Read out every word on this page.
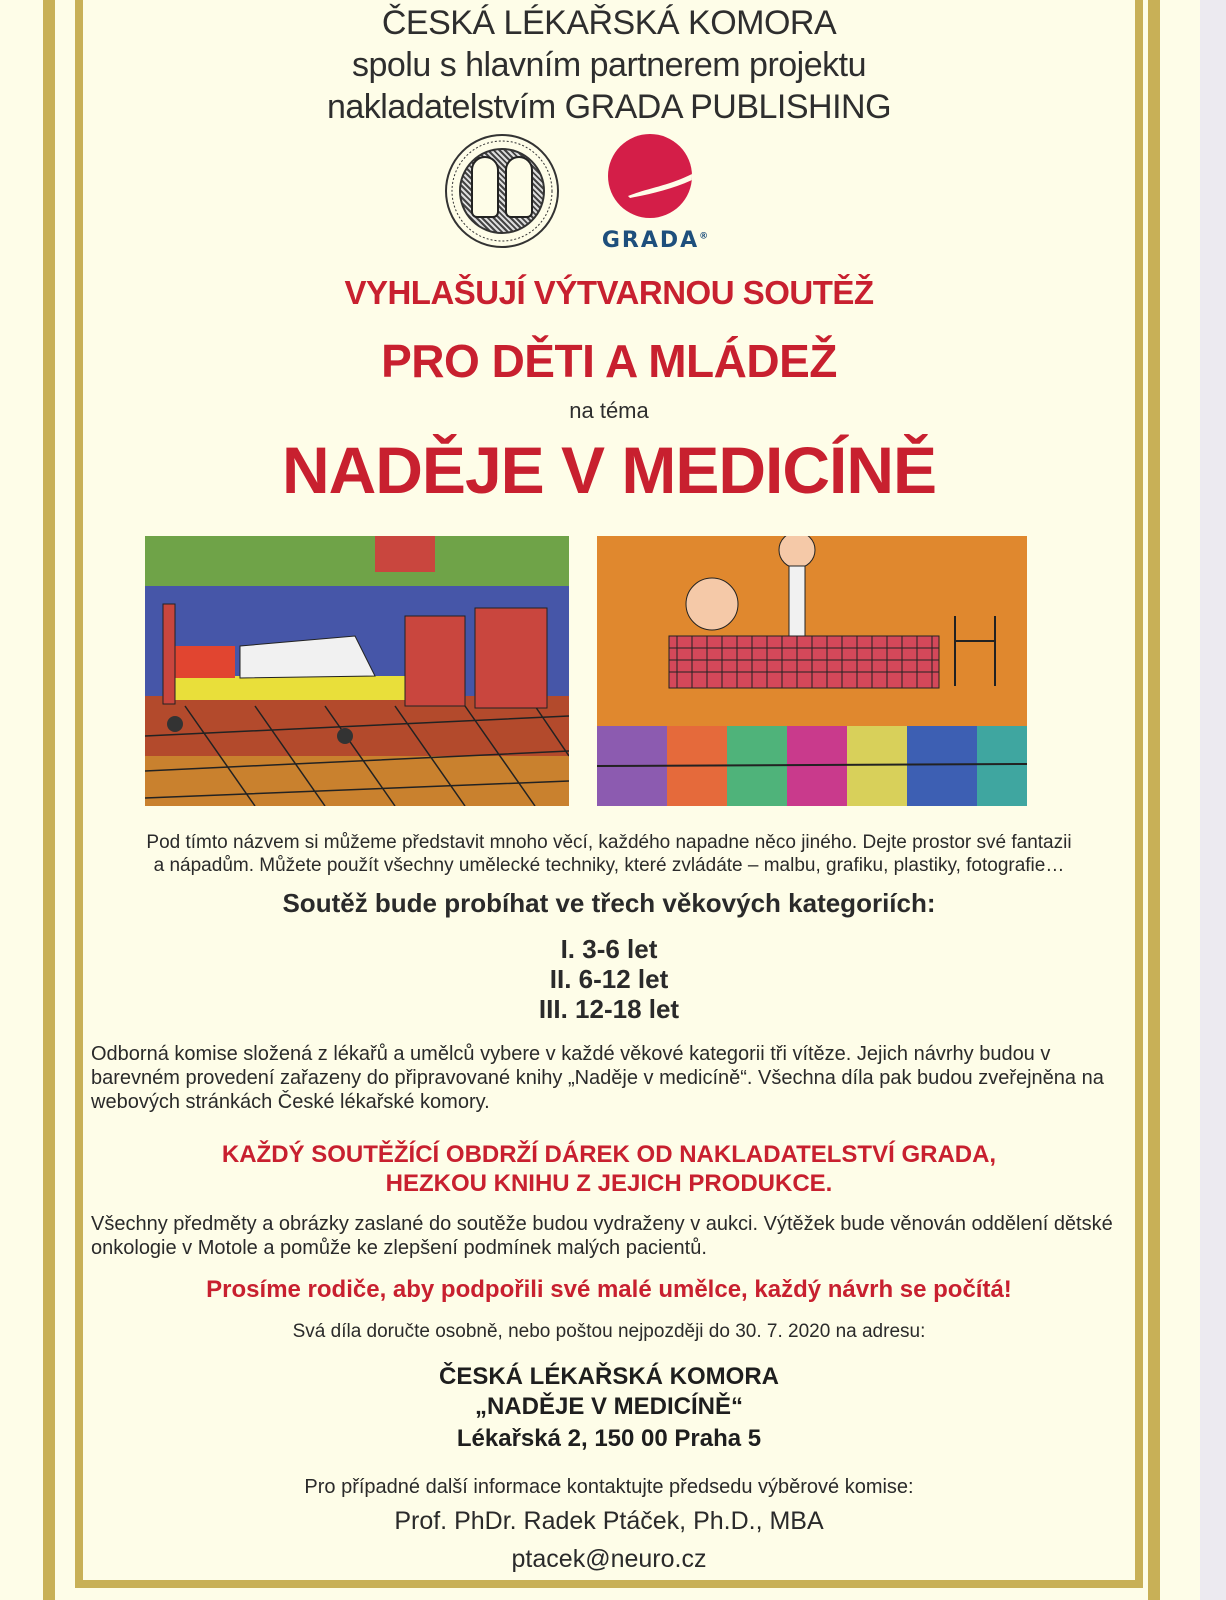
ČESKÁ LÉKAŘSKÁ KOMORA
spolu s hlavním partnerem projektu
nakladatelstvím GRADA PUBLISHING
GRADA®
VYHLAŠUJÍ VÝTVARNOU SOUTĚŽ
PRO DĚTI A MLÁDEŽ
na téma
NADĚJE V MEDICÍNĚ
Pod tímto názvem si můžeme představit mnoho věcí, každého napadne něco jiného. Dejte prostor své fantazii
a nápadům. Můžete použít všechny umělecké techniky, které zvládáte – malbu, grafiku, plastiky, fotografie…
Soutěž bude probíhat ve třech věkových kategoriích:
I. 3-6 let
II. 6-12 let
III. 12-18 let
Odborná komise složená z lékařů a umělců vybere v každé věkové kategorii tři vítěze. Jejich návrhy budou v barevném provedení zařazeny do připravované knihy „Naděje v medicíně“. Všechna díla pak budou zveřejněna na webových stránkách České lékařské komory.
KAŽDÝ SOUTĚŽÍCÍ OBDRŽÍ DÁREK OD NAKLADATELSTVÍ GRADA,
HEZKOU KNIHU Z JEJICH PRODUKCE.
Všechny předměty a obrázky zaslané do soutěže budou vydraženy v aukci. Výtěžek bude věnován oddělení dětské onkologie v Motole a pomůže ke zlepšení podmínek malých pacientů.
Prosíme rodiče, aby podpořili své malé umělce, každý návrh se počítá!
Svá díla doručte osobně, nebo poštou nejpozději do 30. 7. 2020 na adresu:
ČESKÁ LÉKAŘSKÁ KOMORA
„NADĚJE V MEDICÍNĚ“
Lékařská 2, 150 00 Praha 5
Pro případné další informace kontaktujte předsedu výběrové komise:
Prof. PhDr. Radek Ptáček, Ph.D., MBA
ptacek@neuro.cz
